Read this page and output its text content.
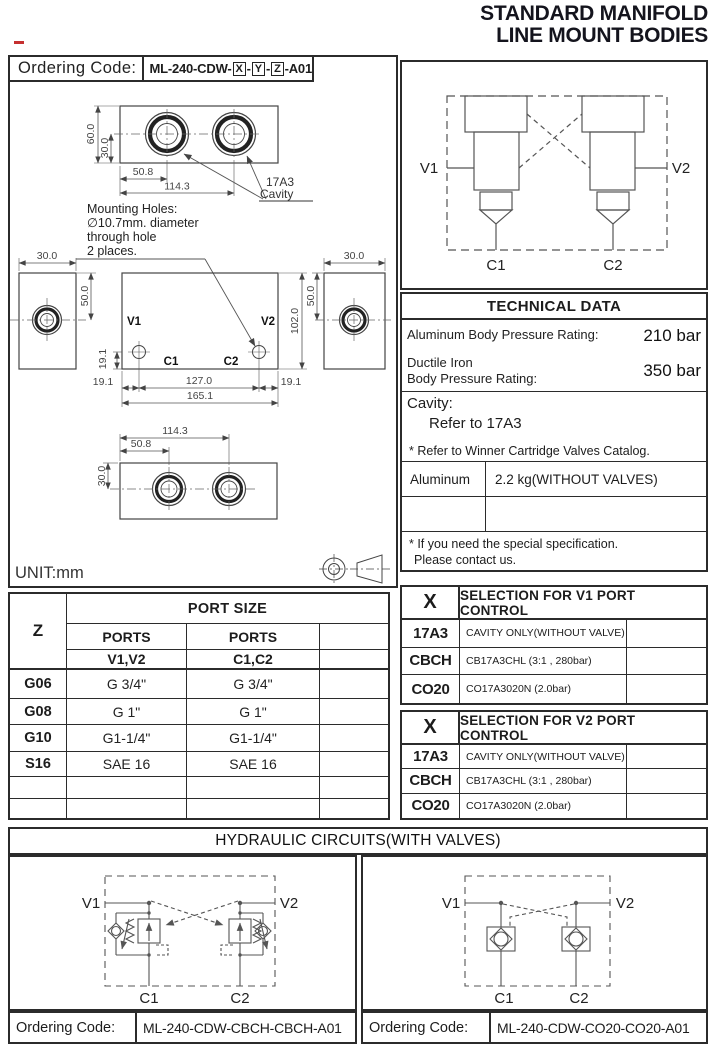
STANDARD MANIFOLD
LINE MOUNT BODIES
60.0
30.0
50.8
114.3	17A3
Cavity
Mounting Holes:
∅10.7mm. diameter
through hole
2 places.
30.0
50.0
V1	V2
C1	C2
19.1
19.1	127.0	19.1
165.1
102.0
50.0
30.0
114.3
50.8
30.0
UNIT:mm
Ordering Code:	ML-240-CDW- X - Y - Z -A01
V1	V2
C1	C2
TECHNICAL DATA
Aluminum Body Pressure Rating:	210 bar
Ductile Iron
Body Pressure Rating:	350 bar
Cavity:
Refer to 17A3
* Refer to Winner Cartridge Valves Catalog.
Aluminum	2.2 kg(WITHOUT VALVES)
* If you need the special specification.
Please contact us.
X	SELECTION FOR V1 PORT CONTROL
17A3	CAVITY ONLY(WITHOUT VALVE)
CBCH	CB17A3CHL (3:1 , 280bar)
CO20	CO17A3020N (2.0bar)
X	SELECTION FOR V2 PORT CONTROL
17A3	CAVITY ONLY(WITHOUT VALVE)
CBCH	CB17A3CHL (3:1 , 280bar)
CO20	CO17A3020N (2.0bar)
Z
PORT SIZE
PORTS	PORTS
V1,V2	C1,C2
G06	G 3/4"	G 3/4"
G08	G 1"	G 1"
G10	G1-1/4"	G1-1/4"
S16	SAE 16	SAE 16
HYDRAULIC CIRCUITS(WITH VALVES)
V1	V2
C1	C2
V1	V2
C1	C2
Ordering Code:	ML-240-CDW-CBCH-CBCH-A01	Ordering Code:	ML-240-CDW-CO20-CO20-A01
